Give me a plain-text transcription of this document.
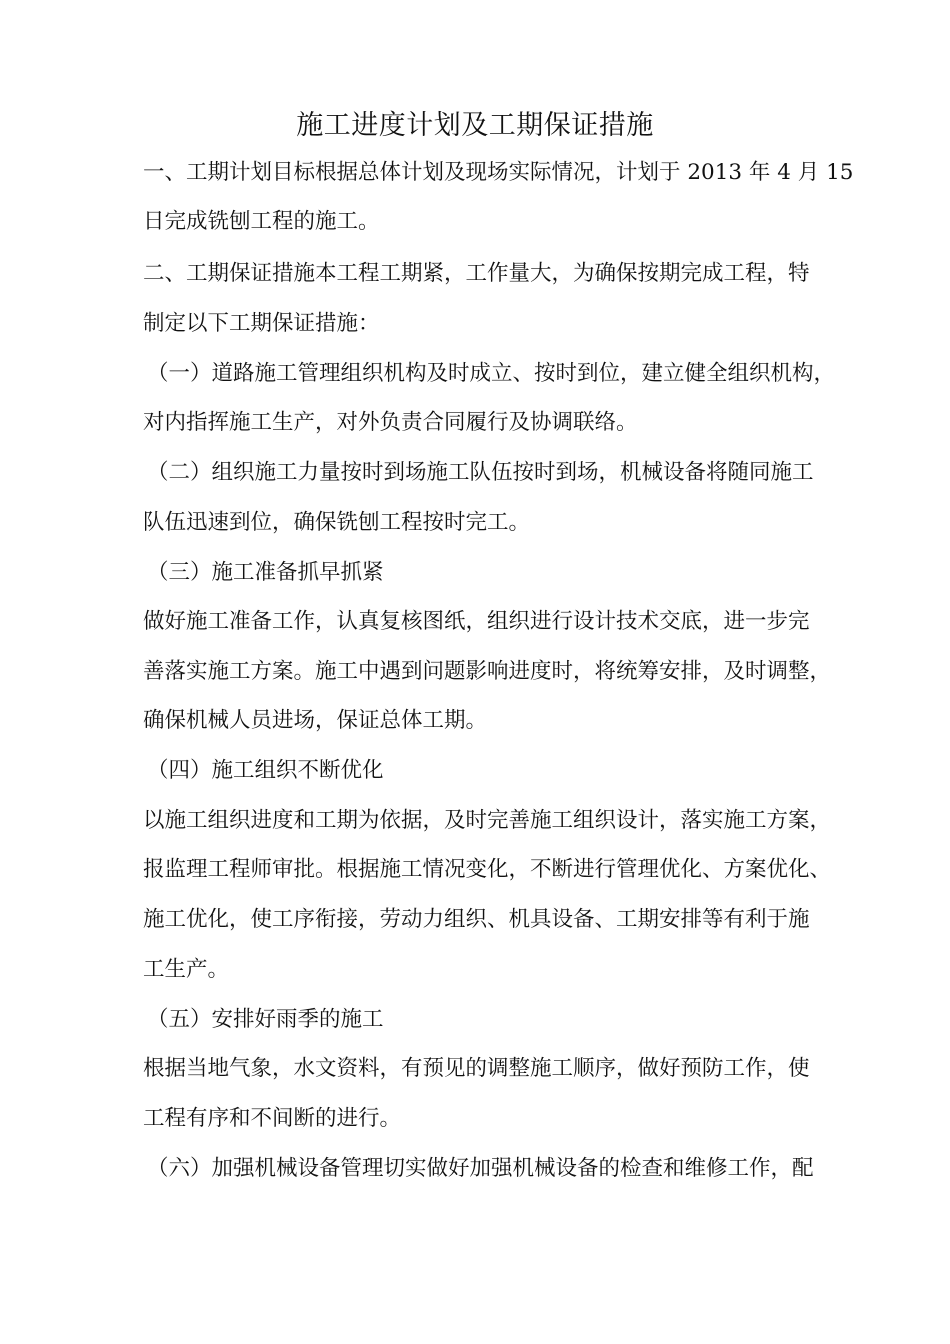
施工进度计划及工期保证措施
一、工期计划目标根据总体计划及现场实际情况，计划于 2013 年 4 月 15
日完成铣刨工程的施工。
二、工期保证措施本工程工期紧，工作量大，为确保按期完成工程，特
制定以下工期保证措施：
（一）道路施工管理组织机构及时成立、按时到位，建立健全组织机构，
对内指挥施工生产，对外负责合同履行及协调联络。
（二）组织施工力量按时到场施工队伍按时到场，机械设备将随同施工
队伍迅速到位，确保铣刨工程按时完工。
（三）施工准备抓早抓紧
做好施工准备工作，认真复核图纸，组织进行设计技术交底，进一步完
善落实施工方案。施工中遇到问题影响进度时，将统筹安排，及时调整，
确保机械人员进场，保证总体工期。
（四）施工组织不断优化
以施工组织进度和工期为依据，及时完善施工组织设计，落实施工方案，
报监理工程师审批。根据施工情况变化，不断进行管理优化、方案优化、
施工优化，使工序衔接，劳动力组织、机具设备、工期安排等有利于施
工生产。
（五）安排好雨季的施工
根据当地气象，水文资料，有预见的调整施工顺序，做好预防工作，使
工程有序和不间断的进行。
（六）加强机械设备管理切实做好加强机械设备的检查和维修工作，配
